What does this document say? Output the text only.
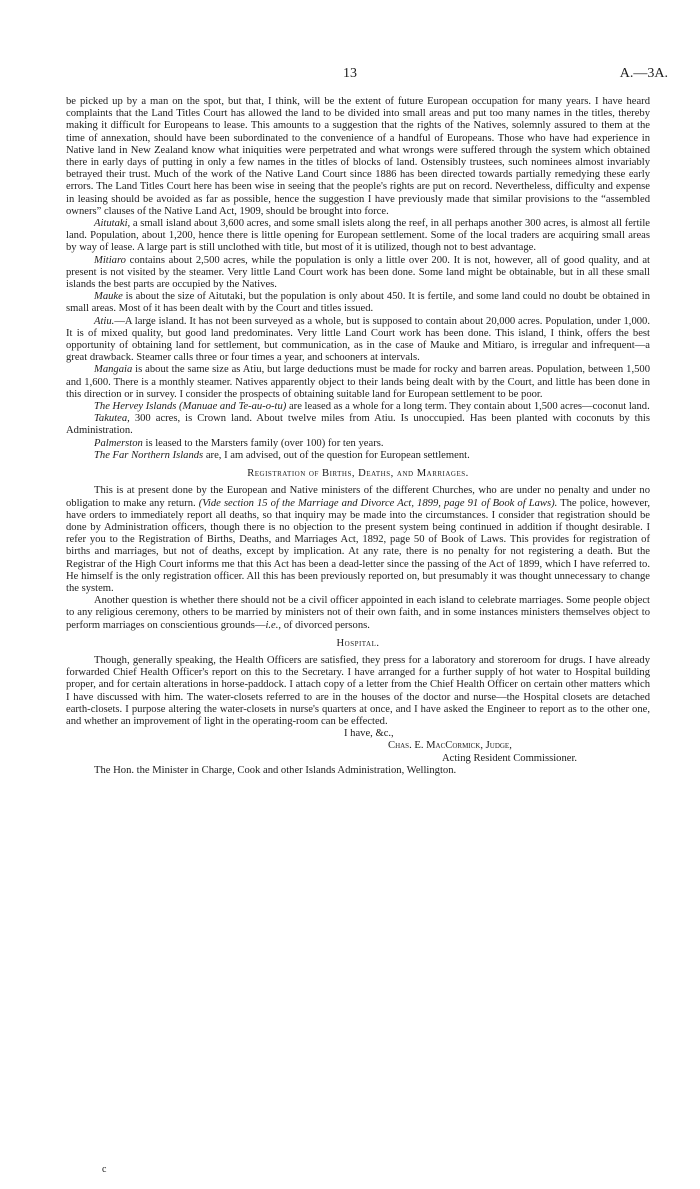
13	A.—3A.

be picked up by a man on the spot, but that, I think, will be the extent of future European occupation for many years. I have heard complaints that the Land Titles Court has allowed the land to be divided into small areas and put too many names in the titles, thereby making it difficult for Europeans to lease. This amounts to a suggestion that the rights of the Natives, solemnly assured to them at the time of annexation, should have been subordinated to the convenience of a handful of Europeans. Those who have had experience in Native land in New Zealand know what iniquities were perpetrated and what wrongs were suffered through the system which obtained there in early days of putting in only a few names in the titles of blocks of land. Ostensibly trustees, such nominees almost invariably betrayed their trust. Much of the work of the Native Land Court since 1886 has been directed towards partially remedying these early errors. The Land Titles Court here has been wise in seeing that the people's rights are put on record. Nevertheless, difficulty and expense in leasing should be avoided as far as possible, hence the suggestion I have previously made that similar provisions to the “assembled owners” clauses of the Native Land Act, 1909, should be brought into force.

Aitutaki, a small island about 3,600 acres, and some small islets along the reef, in all perhaps another 300 acres, is almost all fertile land. Population, about 1,200, hence there is little opening for European settlement. Some of the local traders are acquiring small areas by way of lease. A large part is still unclothed with title, but most of it is utilized, though not to best advantage.

Mitiaro contains about 2,500 acres, while the population is only a little over 200. It is not, however, all of good quality, and at present is not visited by the steamer. Very little Land Court work has been done. Some land might be obtainable, but in all these small islands the best parts are occupied by the Natives.

Mauke is about the size of Aitutaki, but the population is only about 450. It is fertile, and some land could no doubt be obtained in small areas. Most of it has been dealt with by the Court and titles issued.

Atiu.—A large island. It has not been surveyed as a whole, but is supposed to contain about 20,000 acres. Population, under 1,000. It is of mixed quality, but good land predominates. Very little Land Court work has been done. This island, I think, offers the best opportunity of obtaining land for settlement, but communication, as in the case of Mauke and Mitiaro, is irregular and infrequent—a great drawback. Steamer calls three or four times a year, and schooners at intervals.

Mangaia is about the same size as Atiu, but large deductions must be made for rocky and barren areas. Population, between 1,500 and 1,600. There is a monthly steamer. Natives apparently object to their lands being dealt with by the Court, and little has been done in this direction or in survey. I consider the prospects of obtaining suitable land for European settlement to be poor.

The Hervey Islands (Manuae and Te-au-o-tu) are leased as a whole for a long term. They contain about 1,500 acres—coconut land.

Takutea, 300 acres, is Crown land. About twelve miles from Atiu. Is unoccupied. Has been planted with coconuts by this Administration.

Palmerston is leased to the Marsters family (over 100) for ten years.

The Far Northern Islands are, I am advised, out of the question for European settlement.

Registration of Births, Deaths, and Marriages.

This is at present done by the European and Native ministers of the different Churches, who are under no penalty and under no obligation to make any return. (Vide section 15 of the Marriage and Divorce Act, 1899, page 91 of Book of Laws). The police, however, have orders to immediately report all deaths, so that inquiry may be made into the circumstances. I consider that registration should be done by Administration officers, though there is no objection to the present system being continued in addition if thought desirable. I refer you to the Registration of Births, Deaths, and Marriages Act, 1892, page 50 of Book of Laws. This provides for registration of births and marriages, but not of deaths, except by implication. At any rate, there is no penalty for not registering a death. But the Registrar of the High Court informs me that this Act has been a dead-letter since the passing of the Act of 1899, which I have referred to. He himself is the only registration officer. All this has been previously reported on, but presumably it was thought unnecessary to change the system.

Another question is whether there should not be a civil officer appointed in each island to celebrate marriages. Some people object to any religious ceremony, others to be married by ministers not of their own faith, and in some instances ministers themselves object to perform marriages on conscientious grounds—i.e., of divorced persons.

Hospital.

Though, generally speaking, the Health Officers are satisfied, they press for a laboratory and storeroom for drugs. I have already forwarded Chief Health Officer's report on this to the Secretary. I have arranged for a further supply of hot water to Hospital building proper, and for certain alterations in horse-paddock. I attach copy of a letter from the Chief Health Officer on certain other matters which I have discussed with him. The water-closets referred to are in the houses of the doctor and nurse—the Hospital closets are detached earth-closets. I purpose altering the water-closets in nurse's quarters at once, and I have asked the Engineer to report as to the other one, and whether an improvement of light in the operating-room can be effected.

I have, &c.,
Chas. E. MacCormick, Judge,
Acting Resident Commissioner.

The Hon. the Minister in Charge, Cook and other Islands Administration, Wellington.

c
